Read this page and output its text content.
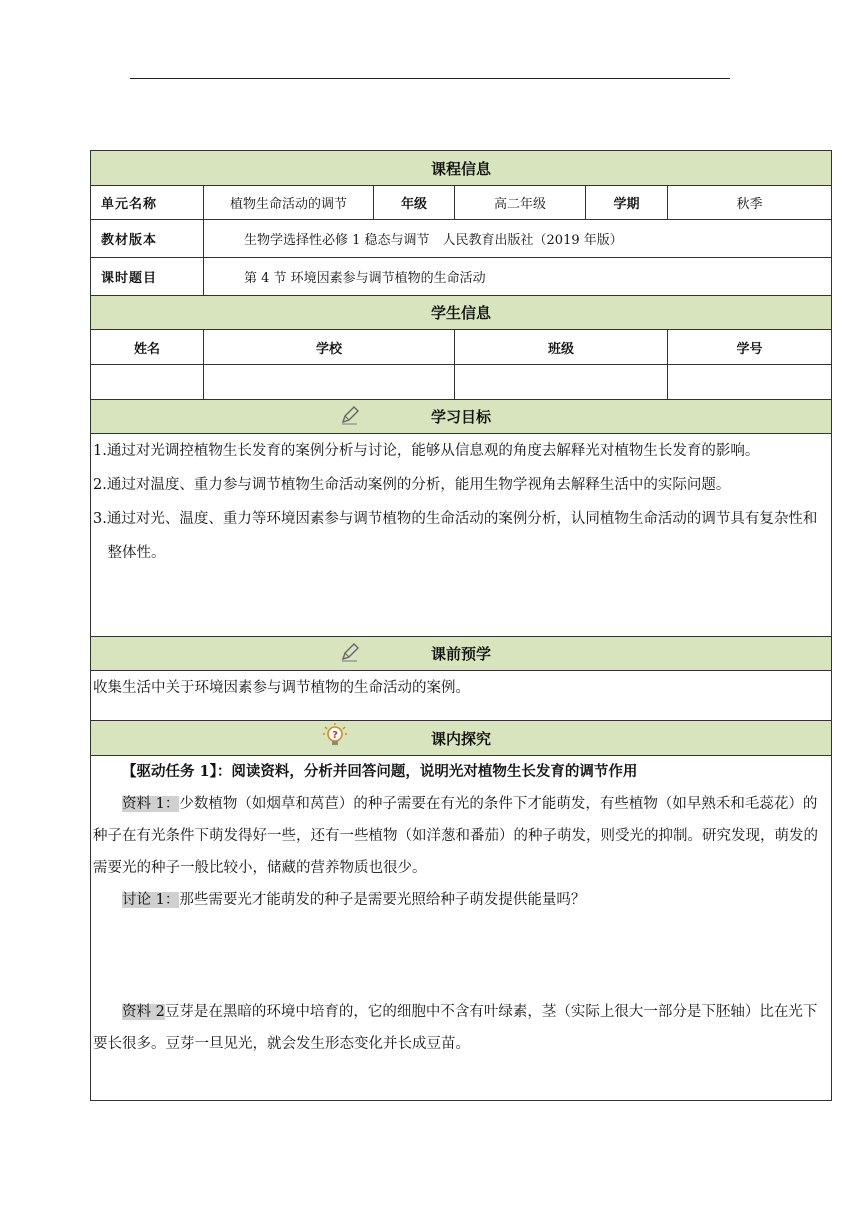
课程信息
单元名称	植物生命活动的调节	年级	高二年级	学期	秋季
教材版本	生物学选择性必修 1 稳态与调节　人民教育出版社（2019 年版）
课时题目	第 4 节 环境因素参与调节植物的生命活动
学生信息
姓名	学校	班级	学号
学习目标
1.通过对光调控植物生长发育的案例分析与讨论，能够从信息观的角度去解释光对植物生长发育的影响。
2.通过对温度、重力参与调节植物生命活动案例的分析，能用生物学视角去解释生活中的实际问题。
3.通过对光、温度、重力等环境因素参与调节植物的生命活动的案例分析，认同植物生命活动的调节具有复杂性和整体性。
课前预学
收集生活中关于环境因素参与调节植物的生命活动的案例。
?	课内探究
【驱动任务 1】：阅读资料，分析并回答问题，说明光对植物生长发育的调节作用
资料 1：少数植物（如烟草和莴苣）的种子需要在有光的条件下才能萌发，有些植物（如早熟禾和毛蕊花）的种子在有光条件下萌发得好一些，还有一些植物（如洋葱和番茄）的种子萌发，则受光的抑制。研究发现，萌发的需要光的种子一般比较小，储藏的营养物质也很少。
讨论 1：那些需要光才能萌发的种子是需要光照给种子萌发提供能量吗？
资料 2豆芽是在黑暗的环境中培育的，它的细胞中不含有叶绿素，茎（实际上很大一部分是下胚轴）比在光下要长很多。豆芽一旦见光，就会发生形态变化并长成豆苗。
